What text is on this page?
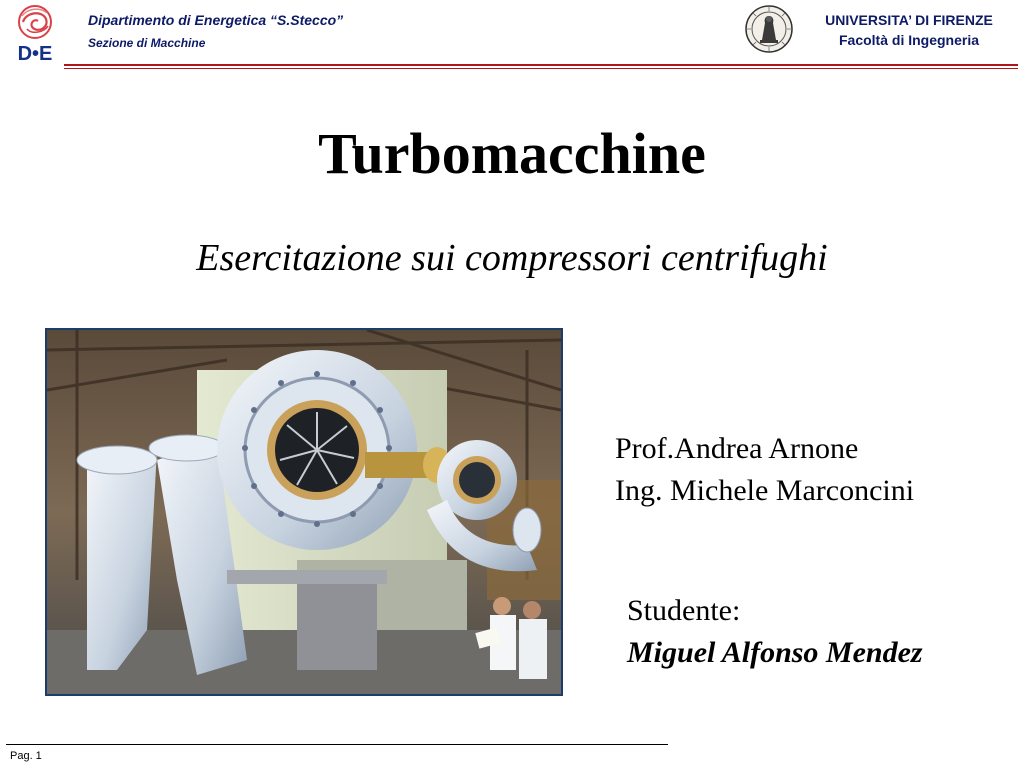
D•E
Dipartimento di Energetica “S.Stecco”
Sezione di Macchine
UNIVERSITA’ DI FIRENZE
Facoltà di Ingegneria
Turbomacchine
Esercitazione sui compressori centrifughi
Prof.Andrea Arnone
Ing. Michele Marconcini
Studente:
Miguel Alfonso Mendez
Pag. 1
